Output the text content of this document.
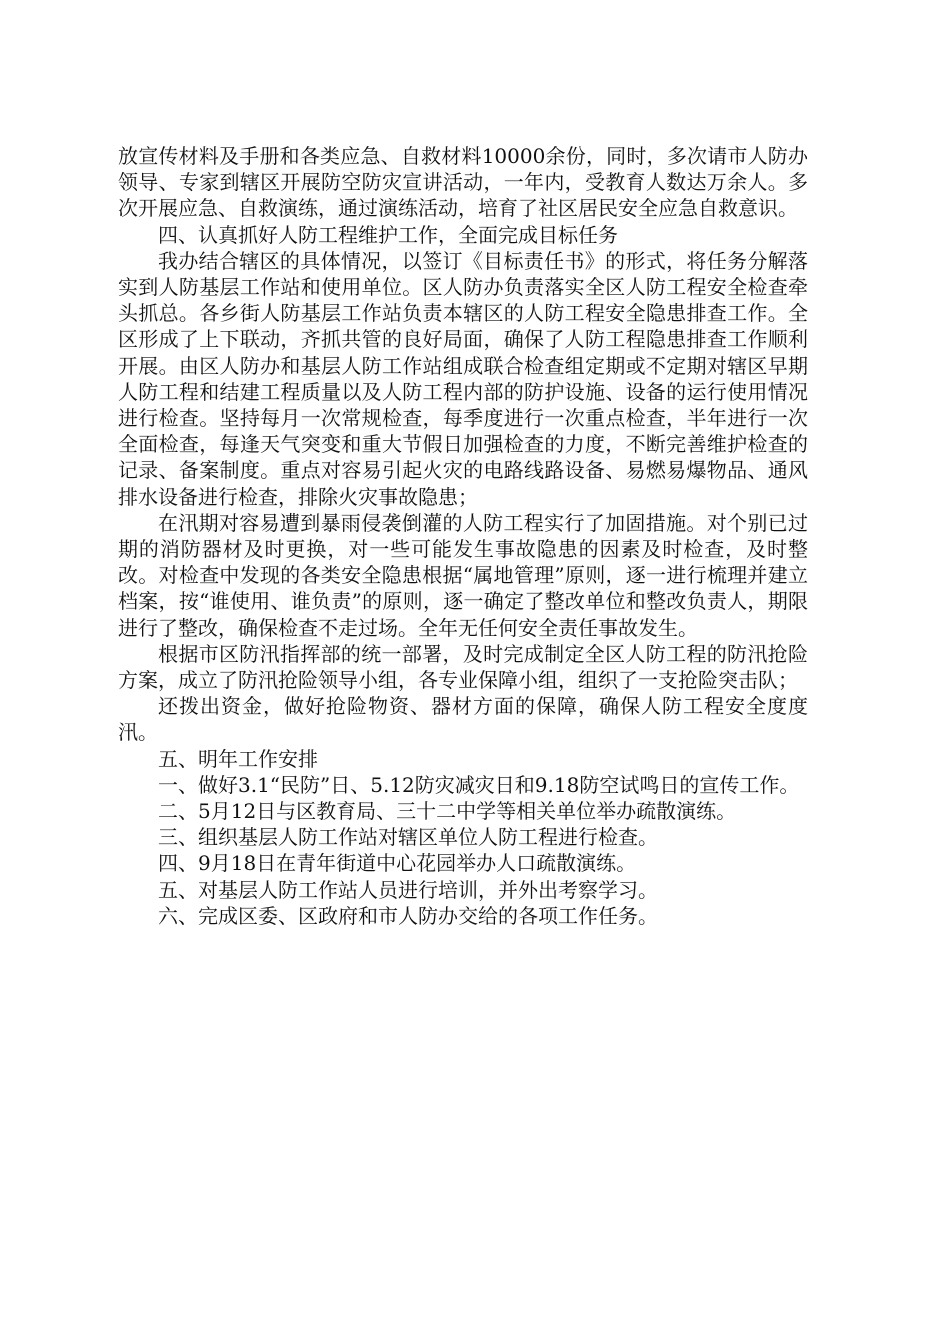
放宣传材料及手册和各类应急、自救材料10000余份，同时，多次请市人防办领导、专家到辖区开展防空防灾宣讲活动，一年内，受教育人数达万余人。多次开展应急、自救演练，通过演练活动，培育了社区居民安全应急自救意识。

四、认真抓好人防工程维护工作，全面完成目标任务

我办结合辖区的具体情况，以签订《目标责任书》的形式，将任务分解落实到人防基层工作站和使用单位。区人防办负责落实全区人防工程安全检查牵头抓总。各乡街人防基层工作站负责本辖区的人防工程安全隐患排查工作。全区形成了上下联动，齐抓共管的良好局面，确保了人防工程隐患排查工作顺利开展。由区人防办和基层人防工作站组成联合检查组定期或不定期对辖区早期人防工程和结建工程质量以及人防工程内部的防护设施、设备的运行使用情况进行检查。坚持每月一次常规检查，每季度进行一次重点检查，半年进行一次全面检查，每逢天气突变和重大节假日加强检查的力度，不断完善维护检查的记录、备案制度。重点对容易引起火灾的电路线路设备、易燃易爆物品、通风排水设备进行检查，排除火灾事故隐患；

在汛期对容易遭到暴雨侵袭倒灌的人防工程实行了加固措施。对个别已过期的消防器材及时更换，对一些可能发生事故隐患的因素及时检查，及时整改。对检查中发现的各类安全隐患根据“属地管理”原则，逐一进行梳理并建立档案，按“谁使用、谁负责”的原则，逐一确定了整改单位和整改负责人，期限进行了整改，确保检查不走过场。全年无任何安全责任事故发生。

根据市区防汛指挥部的统一部署，及时完成制定全区人防工程的防汛抢险方案，成立了防汛抢险领导小组，各专业保障小组，组织了一支抢险突击队；

还拨出资金，做好抢险物资、器材方面的保障，确保人防工程安全度度汛。

五、明年工作安排

一、做好3.1“民防”日、5.12防灾减灾日和9.18防空试鸣日的宣传工作。

二、5月12日与区教育局、三十二中学等相关单位举办疏散演练。

三、组织基层人防工作站对辖区单位人防工程进行检查。

四、9月18日在青年街道中心花园举办人口疏散演练。

五、对基层人防工作站人员进行培训，并外出考察学习。

六、完成区委、区政府和市人防办交给的各项工作任务。
